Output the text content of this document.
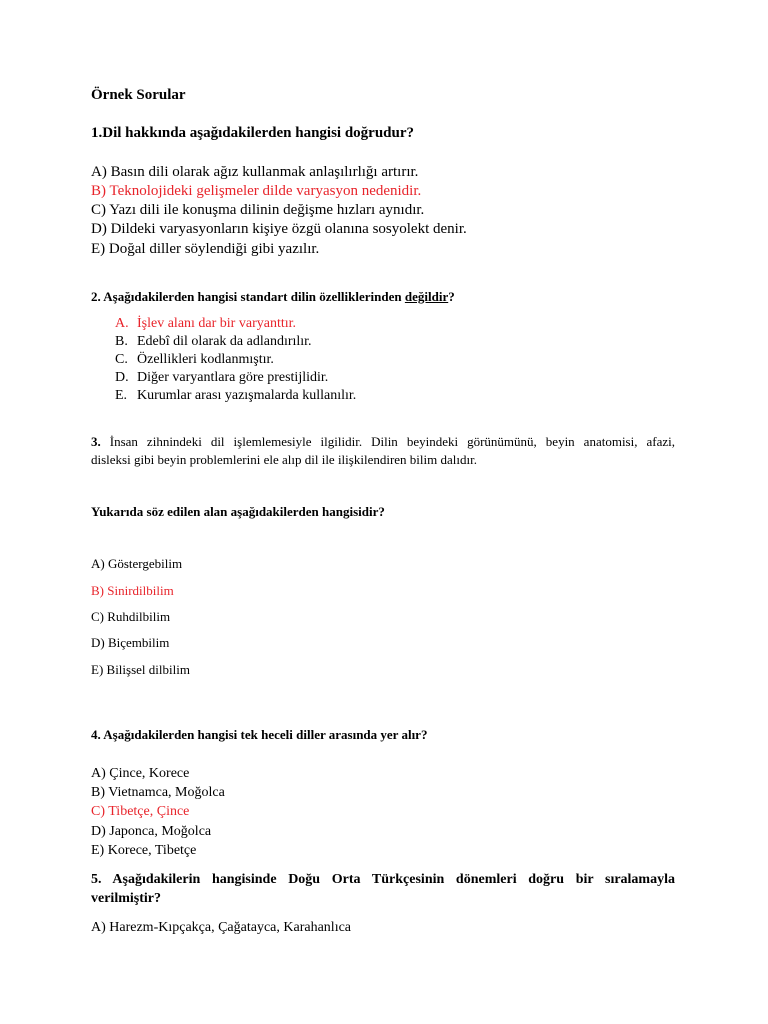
Örnek Sorular
1.Dil hakkında aşağıdakilerden hangisi doğrudur?
A) Basın dili olarak ağız kullanmak anlaşılırlığı artırır.
B) Teknolojideki gelişmeler dilde varyasyon nedenidir.
C) Yazı dili ile konuşma dilinin değişme hızları aynıdır.
D) Dildeki varyasyonların kişiye özgü olanına sosyolekt denir.
E) Doğal diller söylendiği gibi yazılır.
2. Aşağıdakilerden hangisi standart dilin özelliklerinden değildir?
A. İşlev alanı dar bir varyanttır.
B. Edebî dil olarak da adlandırılır.
C. Özellikleri kodlanmıştır.
D. Diğer varyantlara göre prestijlidir.
E. Kurumlar arası yazışmalarda kullanılır.
3. İnsan zihnindeki dil işlemlemesiyle ilgilidir. Dilin beyindeki görünümünü, beyin anatomisi, afazi,
disleksi gibi beyin problemlerini ele alıp dil ile ilişkilendiren bilim dalıdır.
Yukarıda söz edilen alan aşağıdakilerden hangisidir?
A) Göstergebilim
B) Sinirdilbilim
C) Ruhdilbilim
D) Biçembilim
E) Bilişsel dilbilim
4. Aşağıdakilerden hangisi tek heceli diller arasında yer alır?
A) Çince, Korece
B) Vietnamca, Moğolca
C) Tibetçe, Çince
D) Japonca, Moğolca
E) Korece, Tibetçe
5. Aşağıdakilerin hangisinde Doğu Orta Türkçesinin dönemleri doğru bir sıralamayla
verilmiştir?
A) Harezm-Kıpçakça, Çağatayca, Karahanlıca
